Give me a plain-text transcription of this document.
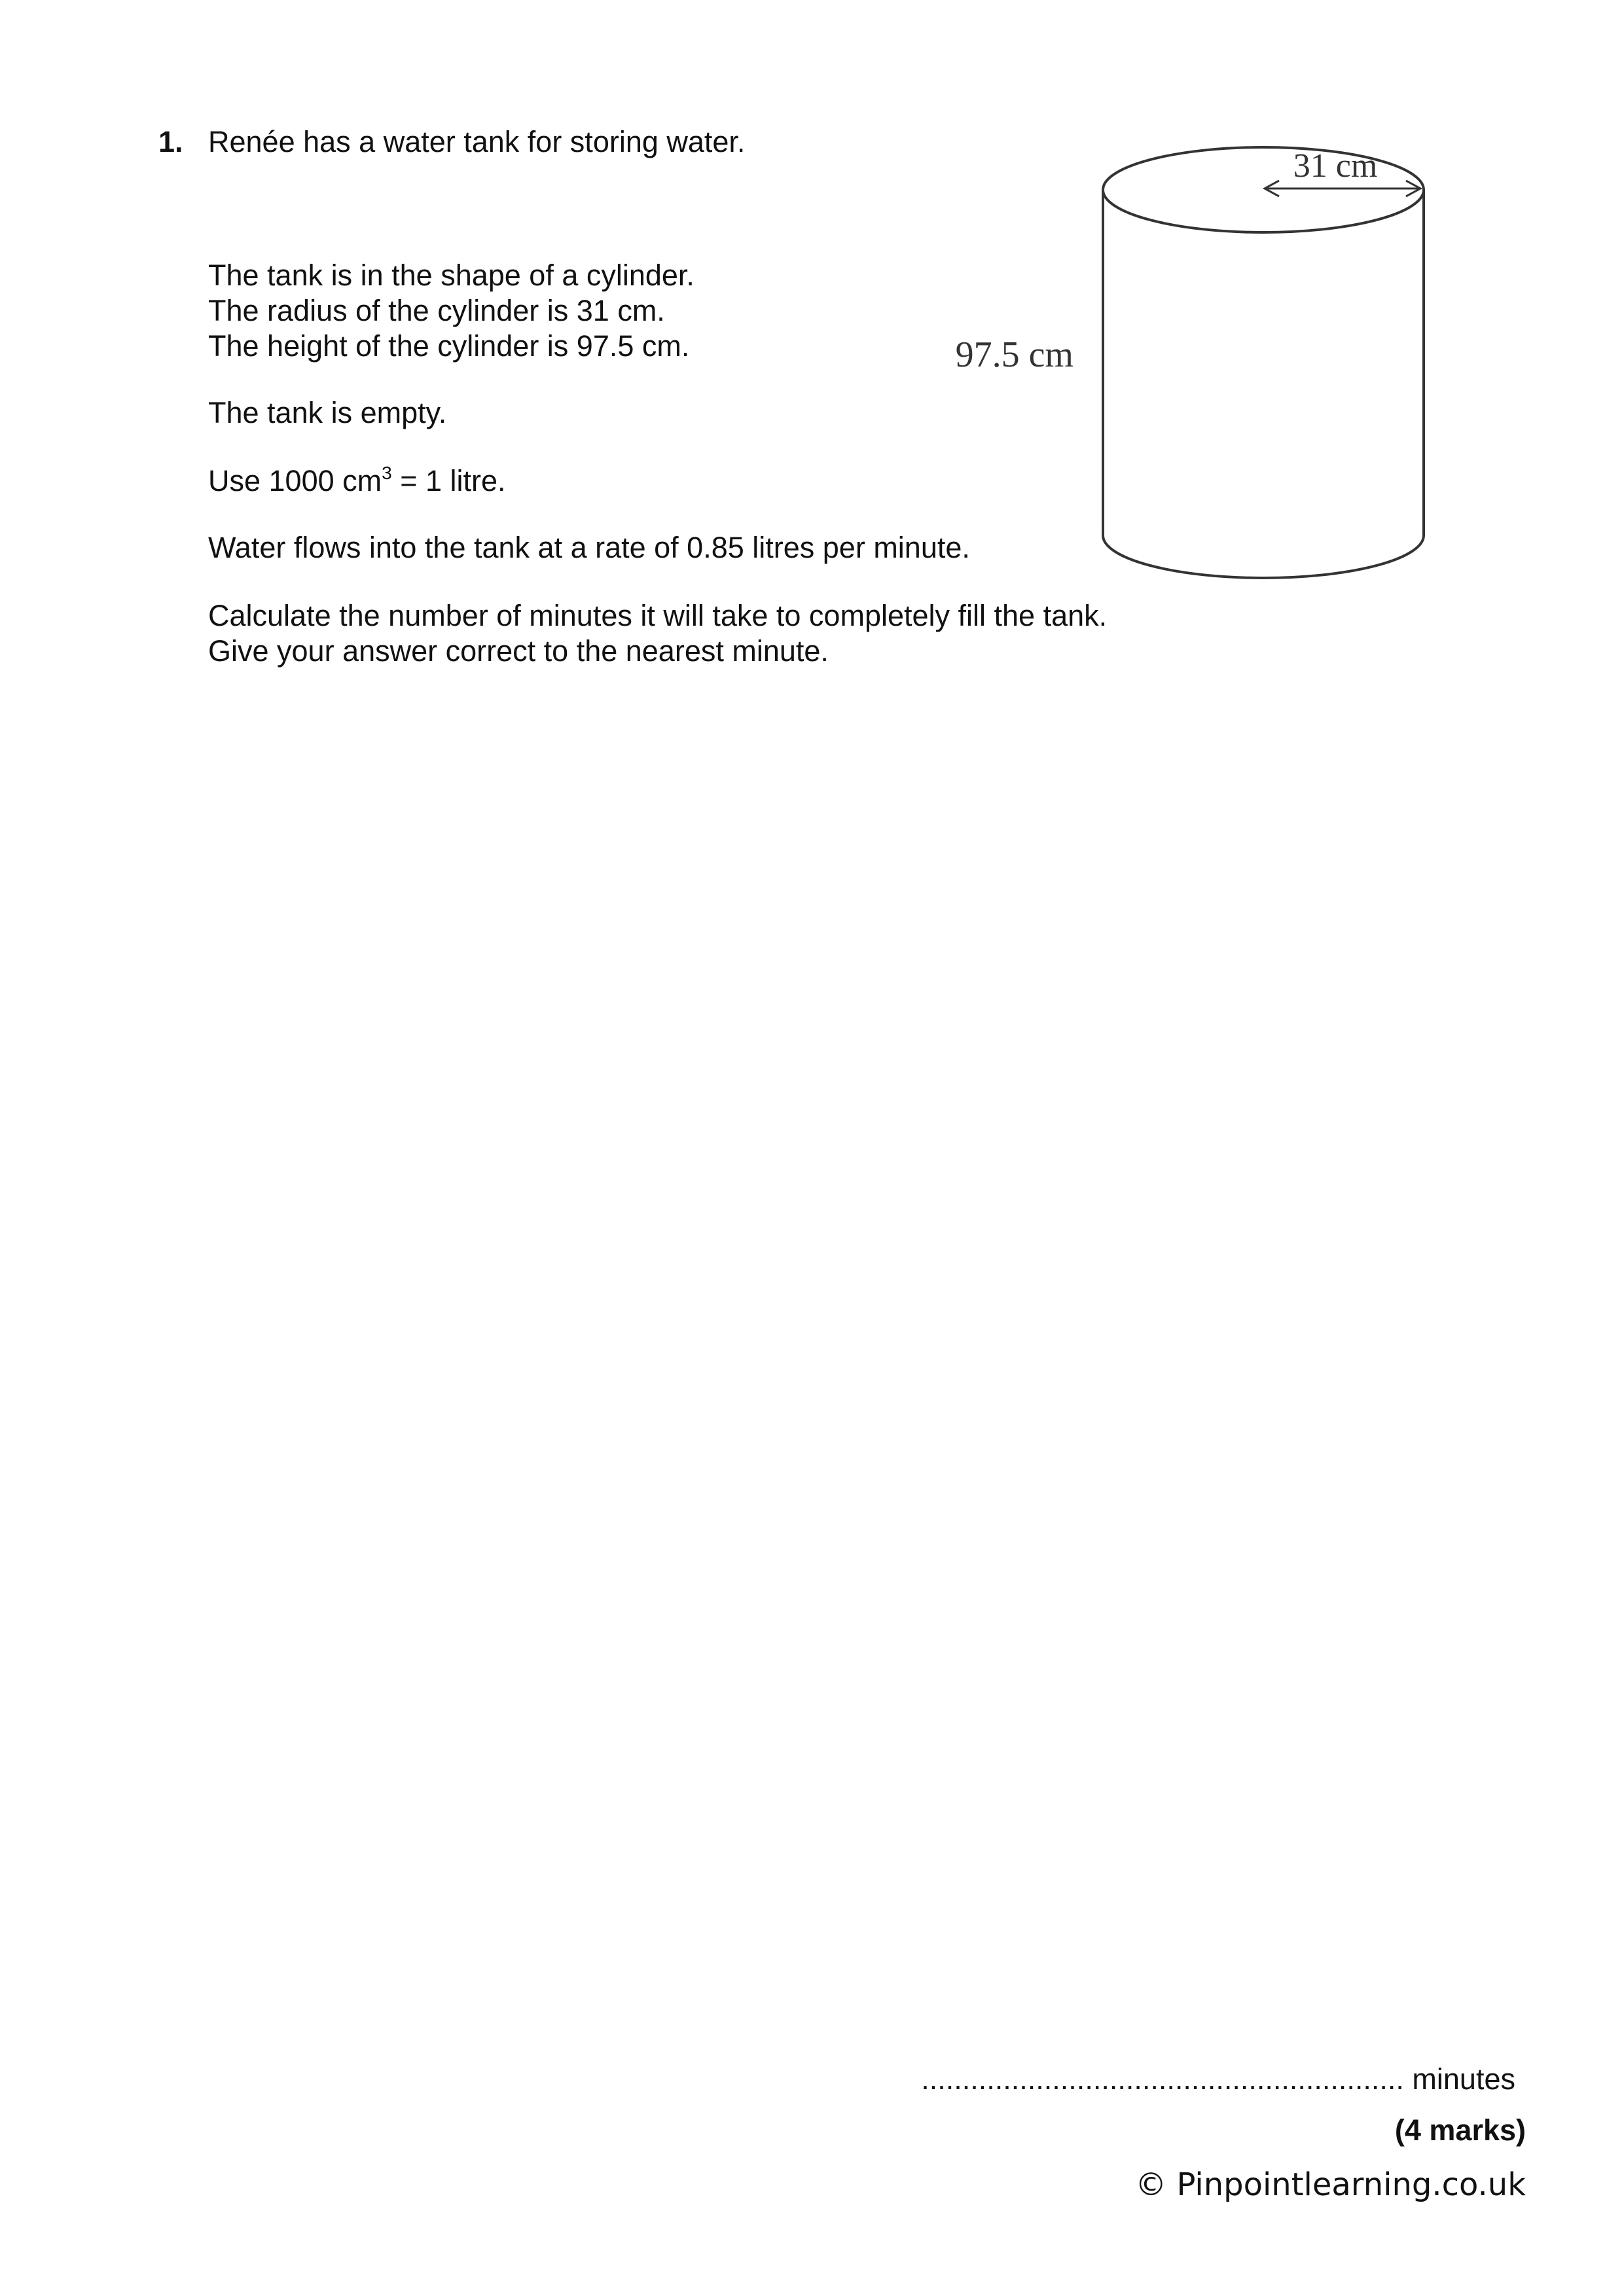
1. Renée has a water tank for storing water.
The tank is in the shape of a cylinder.
The radius of the cylinder is 31 cm.
The height of the cylinder is 97.5 cm.
The tank is empty.
Use 1000 $cm^3 = 1$ litre.
Water flows into the tank at a rate of 0.85 litres per minute.
Calculate the number of minutes it will take to completely fill the tank.
Give your answer correct to the nearest minute.
31 cm
97.5 cm
........................................................... minutes
(4 marks)
© Pinpointlearning.co.uk
